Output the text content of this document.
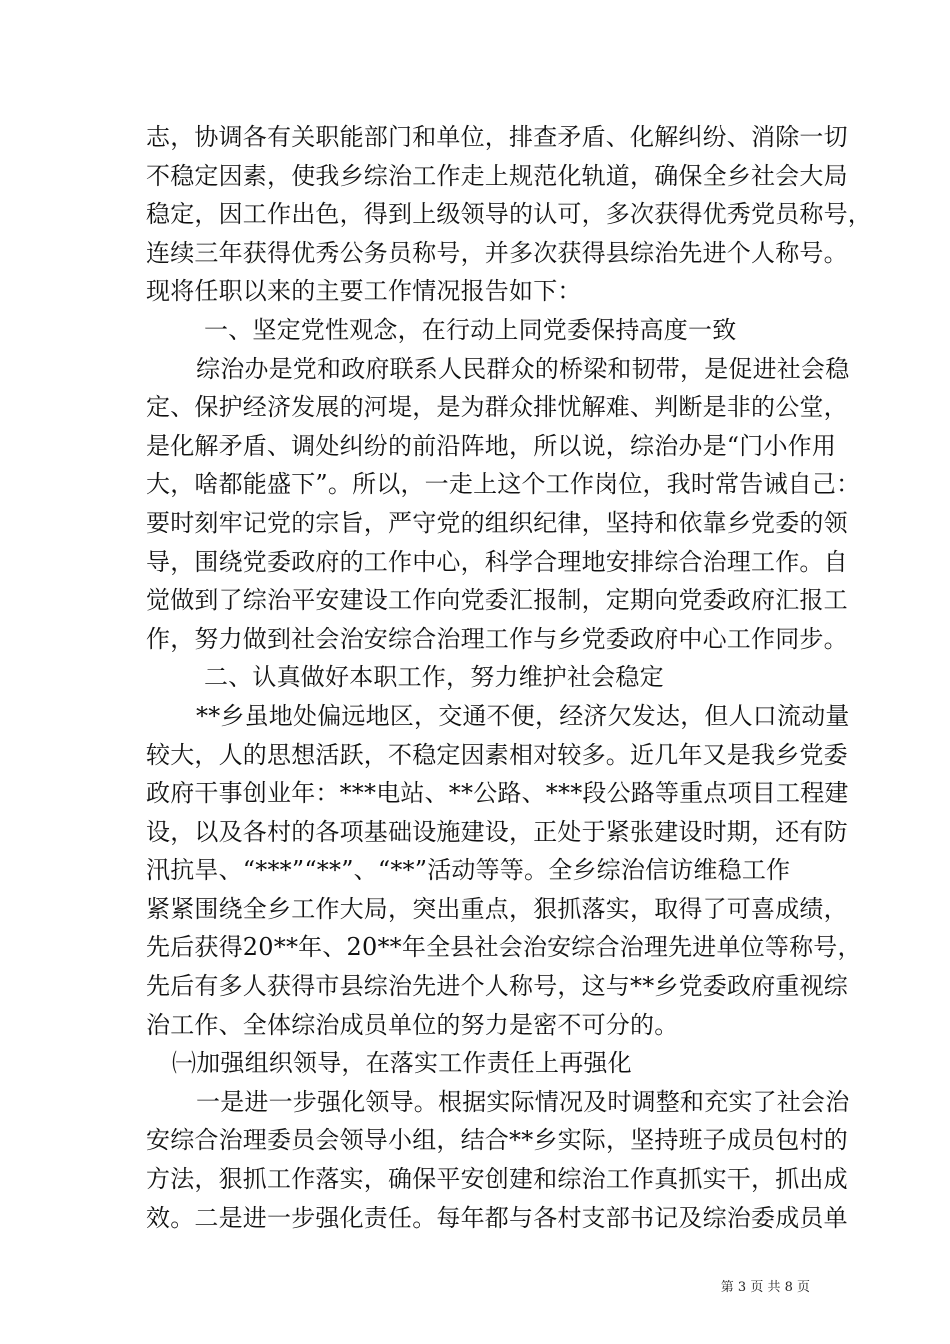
志，协调各有关职能部门和单位，排查矛盾、化解纠纷、消除一切
不稳定因素，使我乡综治工作走上规范化轨道，确保全乡社会大局
稳定，因工作出色，得到上级领导的认可，多次获得优秀党员称号，
连续三年获得优秀公务员称号，并多次获得县综治先进个人称号。
现将任职以来的主要工作情况报告如下：
一、坚定党性观念，在行动上同党委保持高度一致
综治办是党和政府联系人民群众的桥梁和韧带，是促进社会稳
定、保护经济发展的河堤，是为群众排忧解难、判断是非的公堂，
是化解矛盾、调处纠纷的前沿阵地，所以说，综治办是“门小作用
大，啥都能盛下”。所以，一走上这个工作岗位，我时常告诫自己：
要时刻牢记党的宗旨，严守党的组织纪律，坚持和依靠乡党委的领
导，围绕党委政府的工作中心，科学合理地安排综合治理工作。自
觉做到了综治平安建设工作向党委汇报制，定期向党委政府汇报工
作，努力做到社会治安综合治理工作与乡党委政府中心工作同步。
二、认真做好本职工作，努力维护社会稳定
**乡虽地处偏远地区，交通不便，经济欠发达，但人口流动量
较大，人的思想活跃，不稳定因素相对较多。近几年又是我乡党委
政府干事创业年：***电站、**公路、***段公路等重点项目工程建
设，以及各村的各项基础设施建设，正处于紧张建设时期，还有防
汛抗旱、“***”“**”、“**”活动等等。全乡综治信访维稳工作
紧紧围绕全乡工作大局，突出重点，狠抓落实，取得了可喜成绩，
先后获得20**年、20**年全县社会治安综合治理先进单位等称号，
先后有多人获得市县综治先进个人称号，这与**乡党委政府重视综
治工作、全体综治成员单位的努力是密不可分的。
㈠加强组织领导，在落实工作责任上再强化
一是进一步强化领导。根据实际情况及时调整和充实了社会治
安综合治理委员会领导小组，结合**乡实际，坚持班子成员包村的
方法，狠抓工作落实，确保平安创建和综治工作真抓实干，抓出成
效。二是进一步强化责任。每年都与各村支部书记及综治委成员单
第 3 页 共 8 页
